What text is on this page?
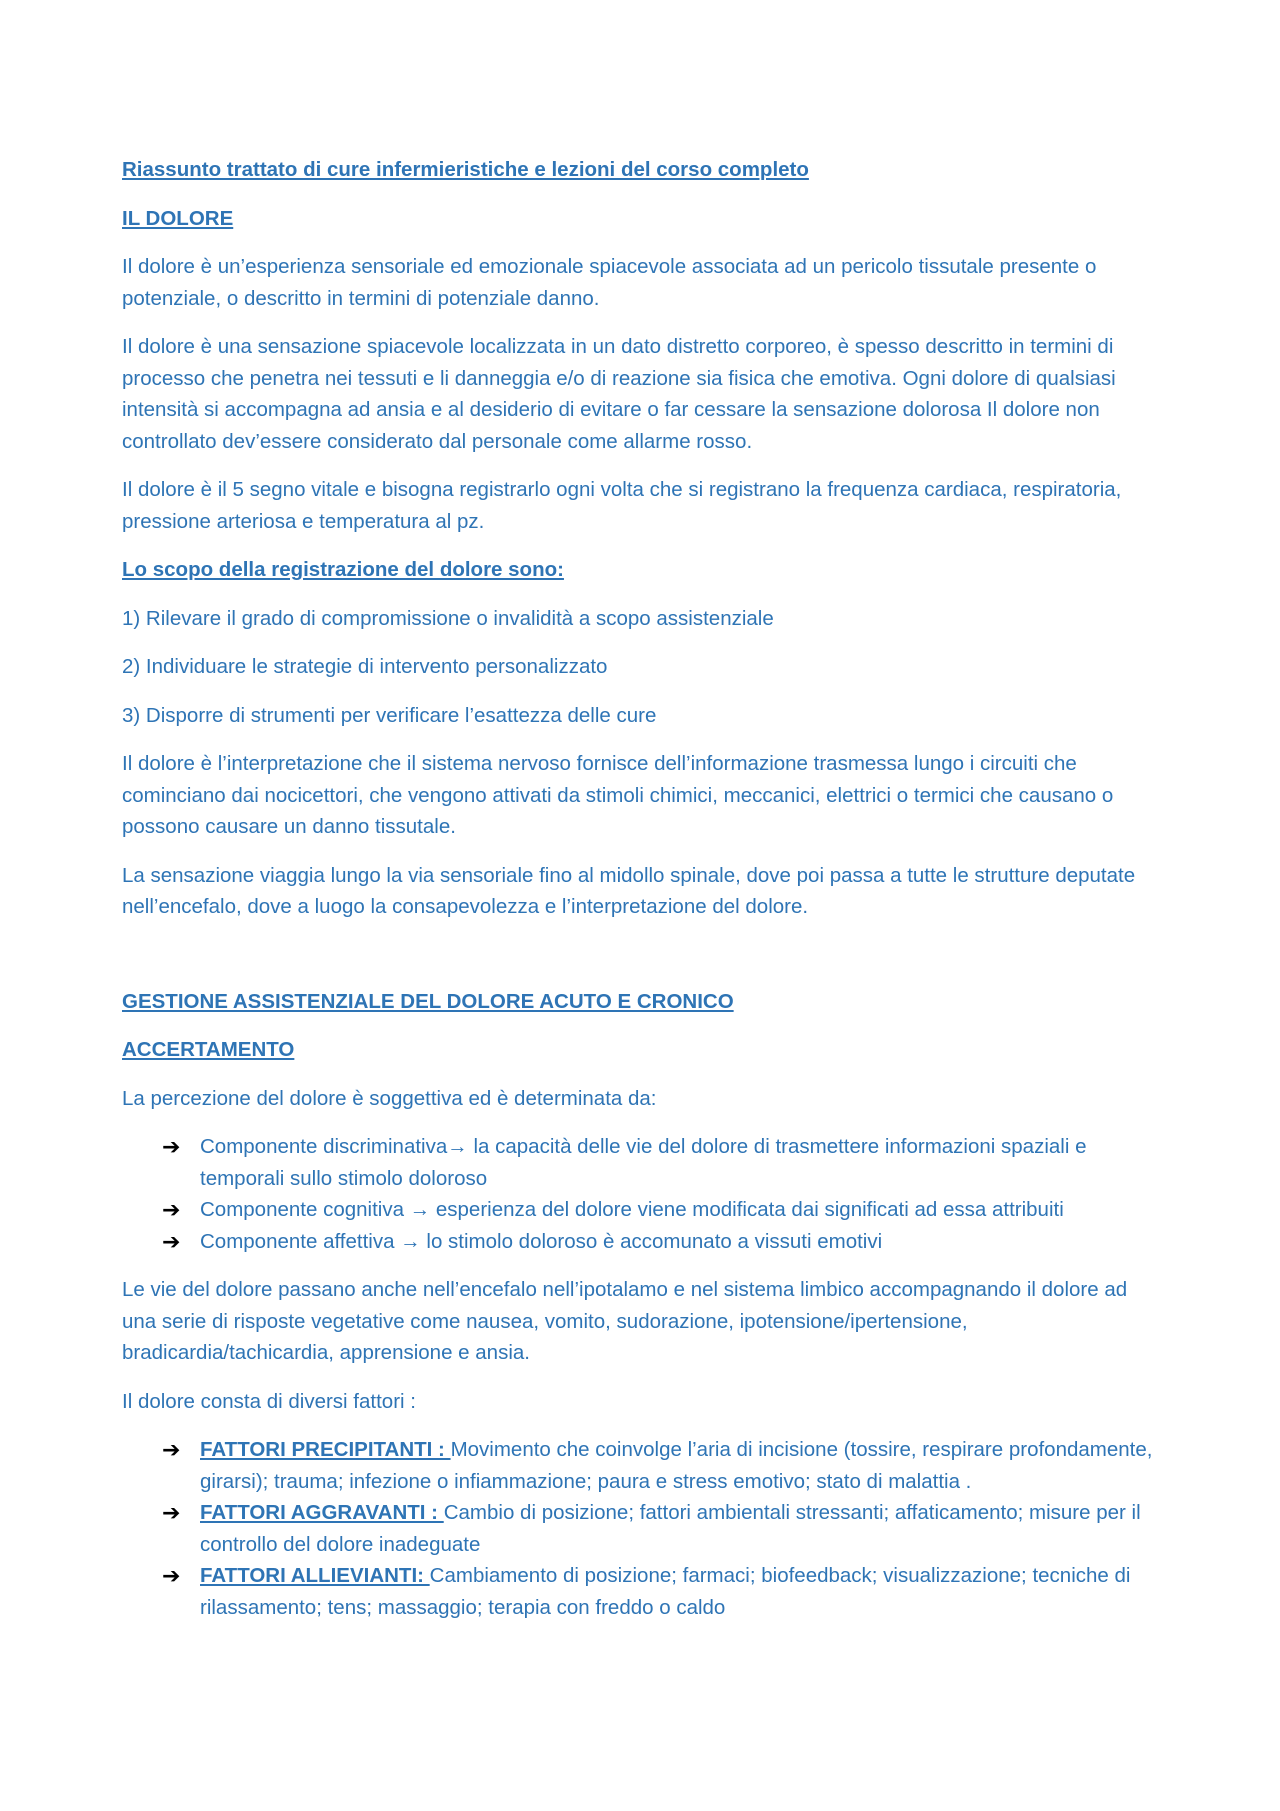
Riassunto trattato di cure infermieristiche e lezioni del corso completo
IL DOLORE

Il dolore è un’esperienza sensoriale ed emozionale spiacevole associata ad un pericolo tissutale presente o potenziale, o descritto in termini di potenziale danno.

Il dolore è una sensazione spiacevole localizzata in un dato distretto corporeo, è spesso descritto in termini di processo che penetra nei tessuti e li danneggia e/o di reazione sia fisica che emotiva. Ogni dolore di qualsiasi intensità si accompagna ad ansia e al desiderio di evitare o far cessare la sensazione dolorosa Il dolore non controllato dev’essere considerato dal personale come allarme rosso.

Il dolore è il 5 segno vitale e bisogna registrarlo ogni volta che si registrano la frequenza cardiaca, respiratoria, pressione arteriosa e temperatura al pz.

Lo scopo della registrazione del dolore sono:

1) Rilevare il grado di compromissione o invalidità a scopo assistenziale

2) Individuare le strategie di intervento personalizzato

3) Disporre di strumenti per verificare l’esattezza delle cure

Il dolore è l’interpretazione che il sistema nervoso fornisce dell’informazione trasmessa lungo i circuiti che cominciano dai nocicettori, che vengono attivati da stimoli chimici, meccanici, elettrici o termici che causano o possono causare un danno tissutale.

La sensazione viaggia lungo la via sensoriale fino al midollo spinale, dove poi passa a tutte le strutture deputate nell’encefalo, dove a luogo la consapevolezza e l’interpretazione del dolore.

GESTIONE ASSISTENZIALE DEL DOLORE ACUTO E CRONICO
ACCERTAMENTO

La percezione del dolore è soggettiva ed è determinata da:

➔ Componente discriminativa→ la capacità delle vie del dolore di trasmettere informazioni spaziali e temporali sullo stimolo doloroso
➔ Componente cognitiva → esperienza del dolore viene modificata dai significati ad essa attribuiti
➔ Componente affettiva → lo stimolo doloroso è accomunato a vissuti emotivi

Le vie del dolore passano anche nell’encefalo nell’ipotalamo e nel sistema limbico accompagnando il dolore ad una serie di risposte vegetative come nausea, vomito, sudorazione, ipotensione/ipertensione, bradicardia/tachicardia, apprensione e ansia.

Il dolore consta di diversi fattori :

➔ FATTORI PRECIPITANTI : Movimento che coinvolge l’aria di incisione (tossire, respirare profondamente, girarsi); trauma; infezione o infiammazione; paura e stress emotivo; stato di malattia .
➔ FATTORI AGGRAVANTI : Cambio di posizione; fattori ambientali stressanti; affaticamento; misure per il controllo del dolore inadeguate
➔ FATTORI ALLIEVIANTI: Cambiamento di posizione; farmaci; biofeedback; visualizzazione; tecniche di rilassamento; tens; massaggio; terapia con freddo o caldo
